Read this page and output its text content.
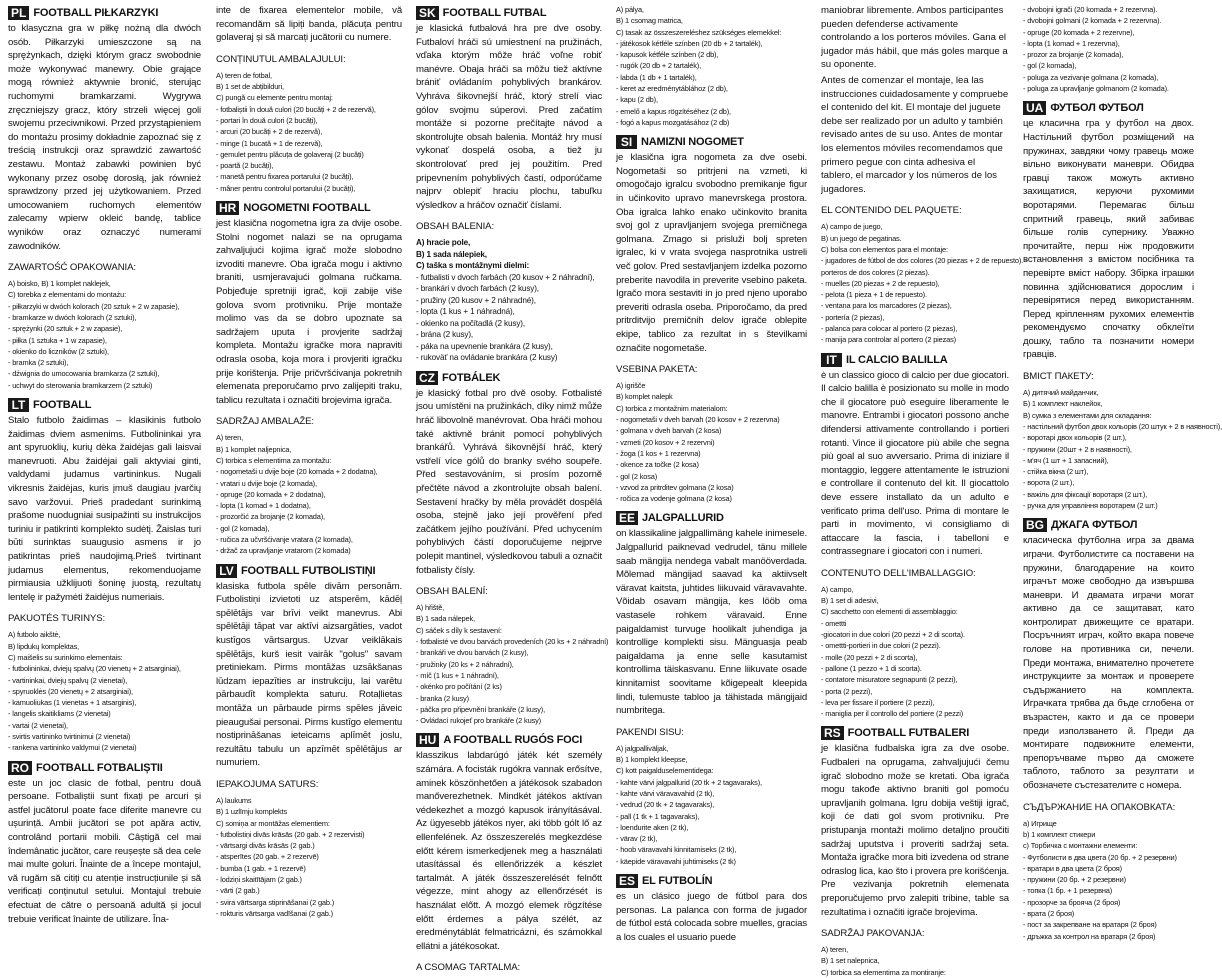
PL FOOTBALL PIŁKARZYKI

to klasyczna gra w piłkę nożną dla dwóch osób. Piłkarzyki umieszczone są na sprężynkach, dzięki którym gracz swobodnie może wykonywać manewry. Obie grające mogą również aktywnie bronić, sterując ruchomymi bramkarzami. Wygrywa zręczniejszy gracz, który strzeli więcej goli swojemu przeciwnikowi. Przed przystąpieniem do montażu prosimy dokładnie zapoznać się z treścią instrukcji oraz sprawdzić zawartość zestawu. Montaż zabawki powinien być wykonany przez osobę dorosłą, jak również sprawdzony przed jej użytkowaniem. Przed umocowaniem ruchomych elementów zalecamy wpierw okleić bandę, tablice wyników oraz oznaczyć numerami zawodników.

ZAWARTOŚĆ OPAKOWANIA:

A) boisko, B) 1 komplet naklejek,
C) torebka z elementami do montażu:
- piłkarzyki w dwóch kolorach (20 sztuk + 2 w zapasie),
- bramkarze w dwóch kolorach (2 sztuki),
- sprężynki (20 sztuk + 2 w zapasie),
- piłka (1 sztuka + 1 w zapasie),
- okienko do liczników (2 sztuki),
- bramka (2 sztuki),
- dźwignia do umocowania bramkarza (2 sztuki),
- uchwyt do sterowania bramkarzem (2 sztuki)
LT FOOTBALL

Stalo futbolo žaidimas – klasikinis futbolo žaidimas dviem asmenims. Futbolininkai yra ant spyruoklių, kurių dėka žaidėjas gali laisvai manevruoti. Abu žaidėjai gali aktyviai ginti, valdydami judamus vartininkus. Nugali vikresnis žaidėjas, kuris įmuš daugiau įvarčių savo varžovui. Prieš pradedant surinkimą prašome nuodugniai susipažinti su instrukcijos turiniu ir patikrinti komplekto sudėtį. Žaislas turi būti surinktas suaugusio asmens ir jo patikrintas prieš naudojimą.Prieš tvirtinant judamus elementus, rekomenduojame pirmiausia užklijuoti šoninę juostą, rezultatų lentelę ir pažymėti žaidėjus numeriais.

PAKUOTĖS TURINYS:

A) futbolo aikštė,
B) lipdukų komplektas,
C) maišelis su surinkimo elementais:
- futbolininkai, dviejų spalvų (20 vienetų + 2 atsarginiai),
- vartininkai, dviejų spalvų (2 vienetai),
- spyruoklės (20 vienetų + 2 atsarginiai),
- kamuoliukas (1 vienetas + 1 atsarginis),
- langelis skaitikliams (2 vienetai)
- vartai (2 vienetai),
- svirtis vartininko tvirtinimui (2 vienetai)
- rankena vartininko valdymui (2 vienetai)
RO FOOTBALL FOTBALIȘTII

este un joc clasic de fotbal, pentru două persoane. Fotbaliștii sunt fixați pe arcuri și astfel jucătorul poate face diferite manevre cu ușurință. Ambii jucători se pot apăra activ, controlând portarii mobili. Câștigă cel mai îndemânatic jucător, care reușește să dea cele mai multe goluri. Înainte de a începe montajul, vă rugăm să citiți cu atenție instrucțiunile și să verificați conținutul setului. Montajul trebuie efectuat de către o persoană adultă și jocul trebuie verificat înainte de utilizare. Îna-

inte de fixarea elementelor mobile, vă recomandăm să lipiți banda, plăcuța pentru golaveraj și să marcați jucătorii cu numere.

CONȚINUTUL AMBALAJULUI:

A) teren de fotbal,
B) 1 set de abțibilduri,
C) pungă cu elemente pentru montaj:
- fotbaliștii în două culori (20 bucăți + 2 de rezervă),
- portari în două culori (2 bucăți),
- arcuri (20 bucăți + 2 de rezervă),
- minge (1 bucată + 1 de rezervă),
- gemulet pentru plăcuța de golaveraj (2 bucăți)
- poartă (2 bucăți),
- manetă pentru fixarea portarului (2 bucăți),
- mâner pentru controlul portarului (2 bucăți),
HR NOGOMETNI FOOTBALL

jest klasična nogometna igra za dvije osobe. Stolni nogomet nalazi se na oprugama zahvaljujući kojima igrač može slobodno izvoditi manevre. Oba igrača mogu i aktivno braniti, usmjeravajući golmana ručkama. Pobjeđuje spretniji igrač, koji zabije više golova svom protivniku. Prije montaže molimo vas da se dobro upoznate sa sadržajem uputa i provjerite sadržaj kompleta. Montažu igračke mora napraviti odrasla osoba, koja mora i provjeriti igračku prije korištenja. Prije pričvršćivanja pokretnih elemenata preporučamo prvo zalijepiti traku, tablicu rezultata i označiti brojevima igrača.

SADRŽAJ AMBALAŽE:

A) teren,
B) 1 komplet naljepnica,
C) torbica s elementima za montažu:
- nogometaši u dvije boje (20 komada + 2 dodatna),
- vratari u dvije boje (2 komada),
- opruge (20 komada + 2 dodatna),
- lopta (1 komad + 1 dodatna),
- prozorčić za brojanje (2 komada),
- gol (2 komada),
- ručica za učvršćivanje vratara (2 komada),
- držač za upravljanje vratarom (2 komada)
LV FOOTBALL FUTBOLISTIŅI

klasiska futbola spēle divām personām. Futbolistiņi izvietoti uz atsperēm, kādēļ spēlētājs var brīvi veikt manevrus. Abi spēlētāji tāpat var aktīvi aizsargāties, vadot kustīgos vārtsargus. Uzvar veiklākais spēlētājs, kurš iesit vairāk "golus" savam pretiniekam. Pirms montāžas uzsākšanas lūdzam iepazīties ar instrukciju, lai varētu pārbaudīt komplekta saturu. Rotaļlietas montāža un pārbaude pirms spēles jāveic pieaugušai personai. Pirms kustīgo elementu nostiprināšanas ieteicams aplīmēt joslu, rezultātu tabulu un apzīmēt spēlētājus ar numuriem.

IEPAKOJUMA SATURS:

A) laukums
B) 1 uzlīmju komplekts
C) somiņa ar montāžas elementiem:
- futbolistiņi divās krāsās (20 gab. + 2 rezervisti)
- vārtsargi divās krāsās (2 gab.)
- atsperītes (20 gab. + 2 rezervē)
- bumba (1 gab. + 1 rezervē)
- lodziņi skaitītājam (2 gab.)
- vārti (2 gab.)
- svira vārtsarga stiprināšanai (2 gab.)
- rokturis vārtsarga vadīšanai (2 gab.)
SK FOOTBALL FUTBAL

je klasická futbalová hra pre dve osoby. Futbaloví hráči sú umiestnení na pružinách, vďaka ktorým môže hráč voľne robiť manévre. Obaja hráči sa môžu tiež aktívne brániť ovládaním pohyblivých brankárov. Vyhráva šikovnejší hráč, ktorý strelí viac gólov svojmu súperovi. Pred začatím montáže si pozorne prečítajte návod a skontrolujte obsah balenia. Montáž hry musí vykonať dospelá osoba, a tiež ju skontrolovať pred jej použitím. Pred pripevnením pohyblivých častí, odporúčame najprv oblepiť hraciu plochu, tabuľku výsledkov a hráčov označiť číslami.

OBSAH BALENIA:

A) hracie pole,
B) 1 sada nálepiek,
C) taška s montážnymi dielmi:
- futbalisti v dvoch farbách (20 kusov + 2 náhradní),
- brankári v dvoch farbách (2 kusy),
- pružiny (20 kusov + 2 náhradné),
- lopta (1 kus + 1 náhradná),
- okienko na počítadlá (2 kusy),
- brána (2 kusy),
- páka na upevnenie brankára (2 kusy),
- rukoväť na ovládanie brankára (2 kusy)
CZ FOTBÁLEK

je klasický fotbal pro dvě osoby. Fotbalisté jsou umístěni na pružinkách, díky nimž může hráč libovolně manévrovat. Oba hráči mohou také aktivně bránit pomocí pohyblivých brankářů. Vyhrává šikovnější hráč, který vstřelí více gólů do branky svého soupeře. Před sestavováním, si prosím pozorně přečtěte návod a zkontrolujte obsah balení. Sestavení hračky by měla provádět dospělá osoba, stejně jako její prověření před začátkem jejího používání. Před uchycením pohyblivých částí doporučujeme nejprve polepit mantinel, výsledkovou tabuli a označit fotbalisty čísly.

OBSAH BALENÍ:

A) hřiště,
B) 1 sada nálepek,
C) sáček s díly k sestavení:
- fotbalisté ve dvou barvách provedeních (20 ks + 2 náhradní)
- brankáři ve dvou barvách (2 kusy),
- pružinky (20 ks + 2 náhradní),
- míč (1 kus + 1 náhradní),
- okénko pro počítání (2 ks)
- branka (2 kusy)
- páčka pro připevnění brankáře (2 kusy),
- Ovládací rukojeť pro brankáře (2 kusy)
HU A FOOTBALL RUGÓS FOCI

klasszikus labdarúgó játék két személy számára. A focisták rugókra vannak erősítve, aminek köszönhetően a játékosok szabadon manőverezhetnek. Mindkét játékos aktívan védekezhet a mozgó kapusok irányításával. Az ügyesebb játékos nyer, aki több gólt lő az ellenfelének. Az összeszerelés megkezdése előtt kérem ismerkedjenek meg a használati utasítással és ellenőrizzék a készlet tartalmát. A játék összeszerelését felnőtt végezze, mint ahogy az ellenőrzését is használat előtt. A mozgó elemek rögzítése előtt érdemes a pálya szélét, az eredménytáblát felmatricázni, és számokkal ellátni a játékosokat.

A CSOMAG TARTALMA:

A) pálya,
B) 1 csomag matrica,
C) tasak az összeszereléshez szükséges elemekkel:
- játékosok kétféle színben (20 db + 2 tartalék),
- kapusok kétféle színben (2 db),
- rugók (20 db + 2 tartalék),
- labda (1 db + 1 tartalék),
- keret az eredménytáblához (2 db),
- kapu (2 db),
- emelő a kapus rögzítéséhez (2 db),
- fogó a kapus mozgatásához (2 db)
SI NAMIZNI NOGOMET

je klasična igra nogometa za dve osebi. Nogometaši so pritrjeni na vzmeti, ki omogočajo igralcu svobodno premikanje figur in učinkovito upravo manevrskega prostora. Oba igralca lahko enako učinkovito branita svoj gol z upravljanjem svojega premičnega golmana. Zmago si prisluži bolj spreten igralec, ki v vrata svojega nasprotnika ustreli več golov. Pred sestavljanjem izdelka pozorno preberite navodila in preverite vsebino paketa. Igračo mora sestaviti in jo pred njeno uporabo preveriti odrasla oseba. Priporočamo, da pred pritrditvijo premičnih delov igrače oblepite ekipe, tablico za rezultat in s številkami označite nogometaše.

VSEBINA PAKETA:

A) igrišče
B) komplet nalepk
C) torbica z montažnim materialom:
- nogometaši v dveh barvah (20 kosov + 2 rezervna)
- golmana v dveh barvah (2 kosa)
- vzmeti (20 kosov + 2 rezervni)
- žoga (1 kos + 1 rezervna)
- okence za točke (2 kosa)
- gol (2 kosa)
- vzvod za pritrditev golmana (2 kosa)
- ročica za vodenje golmana (2 kosa)
EE JALGPALLURID

on klassikaline jalgpallimäng kahele inimesele. Jalgpallurid paiknevad vedrudel, tänu millele saab mängija nendega vabalt manööverdada. Mõlemad mängijad saavad ka aktiivselt väravat kaitsta, juhtides liikuvaid väravavahte. Võidab osavam mängija, kes lööb oma vastasele rohkem väravaid. Enne paigaldamist turvuge hoolikalt juhendiga ja kontrollige komplekti sisu. Mänguasja peab paigaldama ja enne selle kasutamist kontrollima täiskasvanu. Enne liikuvate osade kinnitamist soovitame kõigepealt kleepida lindi, tulemuste tabloo ja tähistada mängijaid numbritega.

PAKENDI SISU:

A) jalgpalliväljak,
B) 1 komplekt kleepse,
C) kott paigalduselementidega:
- kahte värvi jalgpallurid (20 tk + 2 tagavaraks),
- kahte värvi väravavahid (2 tk),
- vedrud (20 tk + 2 tagavaraks),
- pall (1 tk + 1 tagavaraks),
- loendurite aken (2 tk),
- värav (2 tk),
- hoob väravavahi kinnitamiseks (2 tk),
- käepide väravavahi juhtimiseks (2 tk)
ES EL FUTBOLÍN

es un clásico juego de fútbol para dos personas. La palanca con forma de jugador de fútbol está colocada sobre muelles, gracias a los cuales el usuario puede

maniobrar libremente. Ambos participantes pueden defenderse activamente controlando a los porteros móviles. Gana el jugador más hábil, que más goles marque a su oponente.

Antes de comenzar el montaje, lea las instrucciones cuidadosamente y compruebe el contenido del kit. El montaje del juguete debe ser realizado por un adulto y también revisado antes de su uso. Antes de montar los elementos móviles recomendamos que primero pegue con cinta adhesiva el tablero, el marcador y los números de los jugadores.

EL CONTENIDO DEL PAQUETE:

A) campo de juego,
B) un juego de pegatinas.
C) bolsa con elementos para el montaje:
- jugadores de fútbol de dos colores (20 piezas + 2 de repuesto). -
porteros de dos colores (2 piezas).
- muelles (20 piezas + 2 de repuesto),
- pelota (1 pieza + 1 de repuesto).
- ventana para los marcadores (2 piezas),
- portería (2 piezas),
- palanca para colocar al portero (2 piezas),
- manija para controlar al portero (2 piezas)
IT IL CALCIO BALILLA

è un classico gioco di calcio per due giocatori. Il calcio balilla è posizionato su molle in modo che il giocatore può eseguire liberamente le manovre. Entrambi i giocatori possono anche difendersi attivamente controllando i portieri rotanti. Vince il giocatore più abile che segna più goal al suo avversario. Prima di iniziare il montaggio, leggere attentamente le istruzioni e controllare il contenuto del kit. Il giocattolo deve essere installato da un adulto e verificato prima dell'uso. Prima di montare le parti in movimento, vi consigliamo di attaccare la fascia, i tabelloni e contrassegnare i giocatori con i numeri.

CONTENUTO DELL'IMBALLAGGIO:

A) campo,
B) 1 set di adesivi,
C) sacchetto con elementi di assemblaggio:
- omettti
-giocatori in due colori (20 pezzi + 2 di scorta).
- omettti-portieri in due colori (2 pezzi).
- molle (20 pezzi + 2 di scorta),
- pallone (1 pezzo + 1 di scorta).
- contatore misuratore segnapunti (2 pezzi),
- porta (2 pezzi),
- leva per fissare il portiere (2 pezzi),
- maniglia per il controllo del portiere (2 pezzi)
RS FOOTBALL FUTBALERI

je klasična fudbalska igra za dve osobe. Fudbaleri na oprugama, zahvaljujući čemu igrač slobodno može se kretati. Oba igrača mogu takođe aktivno braniti gol pomoću upravljanih golmana. Igru dobija veštiji igrač, koji će dati gol svom protivniku. Pre pristupanja montaži molimo detaljno proučiti sadržaj uputstva i proveriti sadržaj seta. Montaža igračke mora biti izvedena od strane odraslog lica, kao što i provera pre korišćenja. Pre vezivanja pokretnih elemenata preporučujemo prvo zalepiti tribine, table sa rezultatima i označiti igrače brojevima.

SADRŽAJ PAKOVANJA:

A) teren,
B) 1 set nalepnica,
C) torbica sa elementima za montiranje:
- dvobojni igrači (20 komada + 2 rezervna).
- dvobojni golmani (2 komada + 2 rezervna).
- opruge (20 komada + 2 rezervne),
- lopta (1 komad + 1 rezervna),
- prozor za brojanje (2 komada),
- gol (2 komada),
- poluga za vezivanje golmana (2 komada),
- poluga za upravljanje golmanom (2 komada).
UA ФУТБОЛ ФУТБОЛ

це класична гра у футбол на двох. Настільний футбол розміщений на пружинах, завдяки чому гравець може вільно виконувати маневри. Обидва гравці також можуть активно захищатися, керуючи рухомими воротарями. Перемагає більш спритний гравець, який забиває більше голів супернику. Уважно прочитайте, перш ніж продовжити встановлення з вмістом посібника та перевірте вміст набору. Збірка іграшки повинна здійснюватися дорослим і перевірятися перед використанням. Перед кріпленням рухомих елементів рекомендуємо спочатку обклеїти дошку, табло та позначити номери гравців.

ВМІСТ ПАКЕТУ:

A) дитячий майданчик,
Б) 1 комплект наклейок,
В) сумка з елементами для складання:
- настільний футбол двох кольорів (20 штук + 2 в наявності),
- воротарі двох кольорів (2 шт.),
- пружини (20шт + 2 в наявності),
- м'яч (1 шт + 1 запасний),
- стійка вікна (2 шт),
- ворота (2 шт.),
- важіль для фіксації воротаря (2 шт.),
- ручка для управління воротарем (2 шт.)
BG ДЖАГА ФУТБОЛ

класическа футболна игра за двама играчи. Футболистите са поставени на пружини, благодарение на които играчът може свободно да извършва маневри. И двамата играчи могат активно да се защитават, като контролират движещите се вратари. Посръчният играч, който вкара повече голове на противника си, печели. Преди монтажа, внимателно прочетете инструкциите за монтаж и проверете съдържанието на комплекта. Играчката трябва да бъде сглобена от възрастен, както и да се провери преди използването й. Преди да монтирате подвижните елементи, препоръчваме първо да сможете таблото, таблото за резултати и обозначете състезателите с номера.

СЪДЪРЖАНИЕ НА ОПАКОВКАТА:

а) Игрище
b) 1 комплект стикери
c) Торбичка с монтажни елементи:
- Футболисти в два цвета (20 бр. + 2 резервни)
- вратари в два цвета (2 броя)
- пружини (20 бр. + 2 резервни)
- топка (1 бр. + 1 резервна)
- прозорче за брояча (2 броя)
- врата (2 броя)
- пост за закрепване на вратаря (2 броя)
- дръжка за контрол на вратаря (2 броя)
